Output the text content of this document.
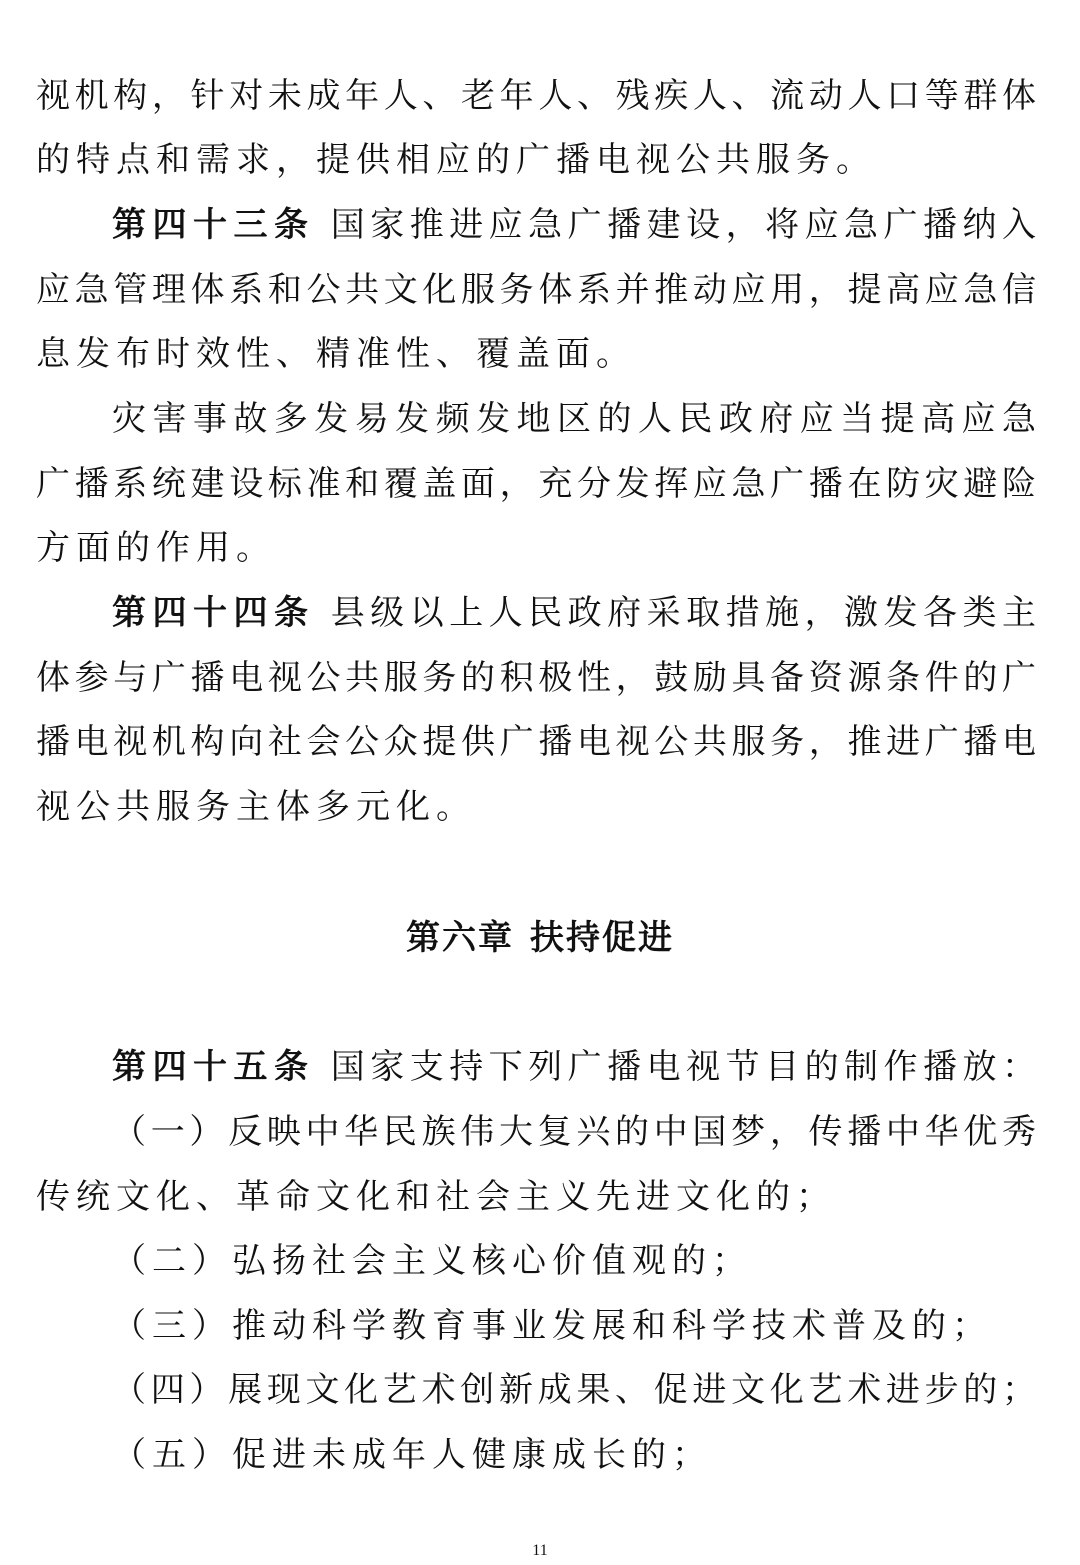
视机构，针对未成年人、老年人、残疾人、流动人口等群体
的特点和需求，提供相应的广播电视公共服务。
第四十三条 国家推进应急广播建设，将应急广播纳入
应急管理体系和公共文化服务体系并推动应用，提高应急信
息发布时效性、精准性、覆盖面。
灾害事故多发易发频发地区的人民政府应当提高应急
广播系统建设标准和覆盖面，充分发挥应急广播在防灾避险
方面的作用。
第四十四条 县级以上人民政府采取措施，激发各类主
体参与广播电视公共服务的积极性，鼓励具备资源条件的广
播电视机构向社会公众提供广播电视公共服务，推进广播电
视公共服务主体多元化。
第六章 扶持促进
第四十五条 国家支持下列广播电视节目的制作播放：
（一）反映中华民族伟大复兴的中国梦，传播中华优秀
传统文化、革命文化和社会主义先进文化的；
（二）弘扬社会主义核心价值观的；
（三）推动科学教育事业发展和科学技术普及的；
（四）展现文化艺术创新成果、促进文化艺术进步的；
（五）促进未成年人健康成长的；
11
